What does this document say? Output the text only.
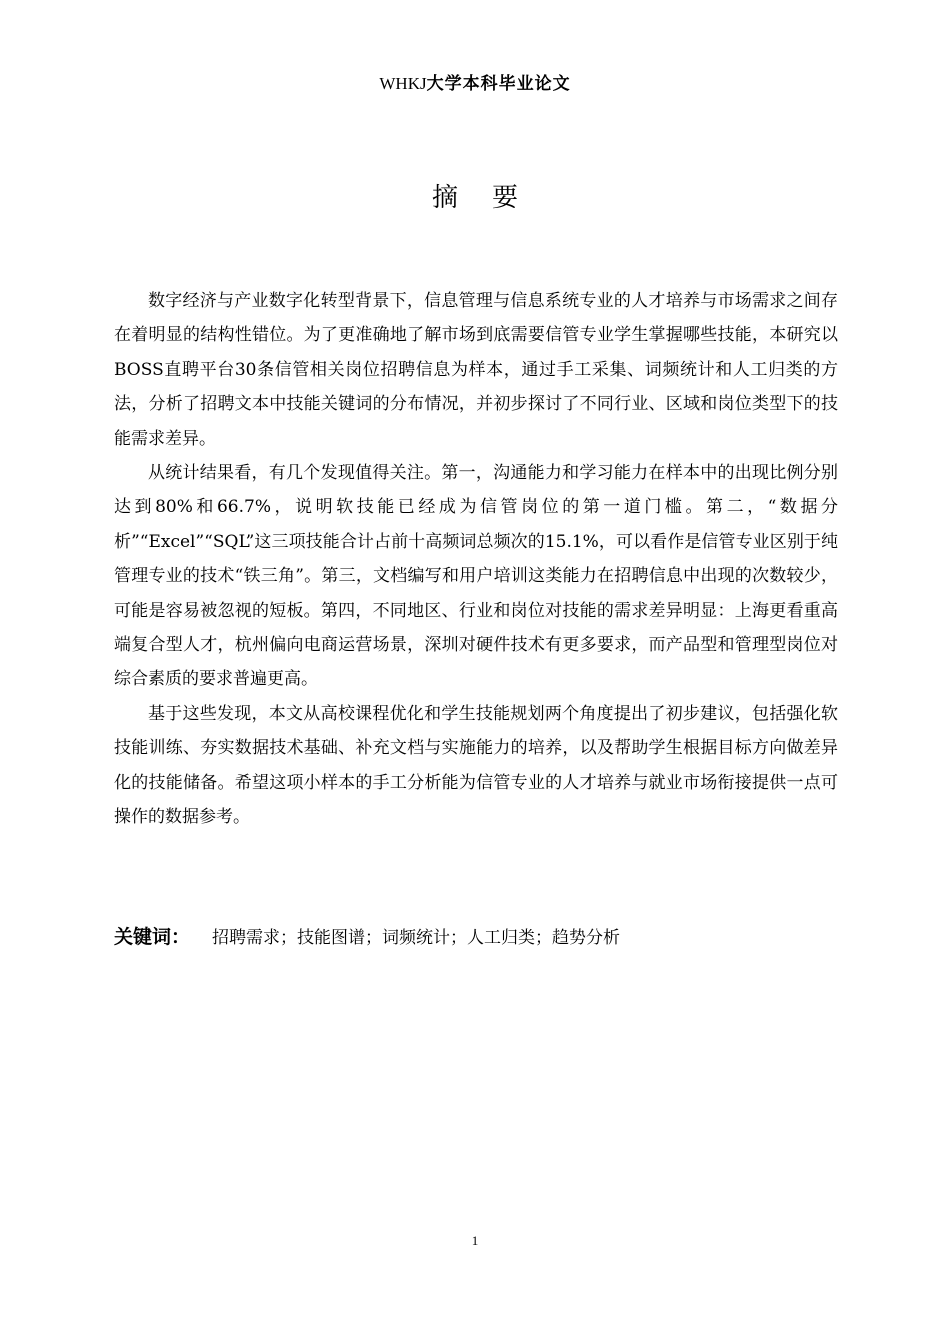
WHKJ大学本科毕业论文
摘 要

数字经济与产业数字化转型背景下，信息管理与信息系统专业的人才培养与市场需求之间存在着明显的结构性错位。为了更准确地了解市场到底需要信管专业学生掌握哪些技能，本研究以BOSS直聘平台30条信管相关岗位招聘信息为样本，通过手工采集、词频统计和人工归类的方法，分析了招聘文本中技能关键词的分布情况，并初步探讨了不同行业、区域和岗位类型下的技能需求差异。

从统计结果看，有几个发现值得关注。第一，沟通能力和学习能力在样本中的出现比例分别达到80%和66.7%，说明软技能已经成为信管岗位的第一道门槛。第二，“数据分析”“Excel”“SQL”这三项技能合计占前十高频词总频次的15.1%，可以看作是信管专业区别于纯管理专业的技术“铁三角”。第三，文档编写和用户培训这类能力在招聘信息中出现的次数较少，可能是容易被忽视的短板。第四，不同地区、行业和岗位对技能的需求差异明显：上海更看重高端复合型人才，杭州偏向电商运营场景，深圳对硬件技术有更多要求，而产品型和管理型岗位对综合素质的要求普遍更高。

基于这些发现，本文从高校课程优化和学生技能规划两个角度提出了初步建议，包括强化软技能训练、夯实数据技术基础、补充文档与实施能力的培养，以及帮助学生根据目标方向做差异化的技能储备。希望这项小样本的手工分析能为信管专业的人才培养与就业市场衔接提供一点可操作的数据参考。

关键词： 招聘需求；技能图谱；词频统计；人工归类；趋势分析
1
